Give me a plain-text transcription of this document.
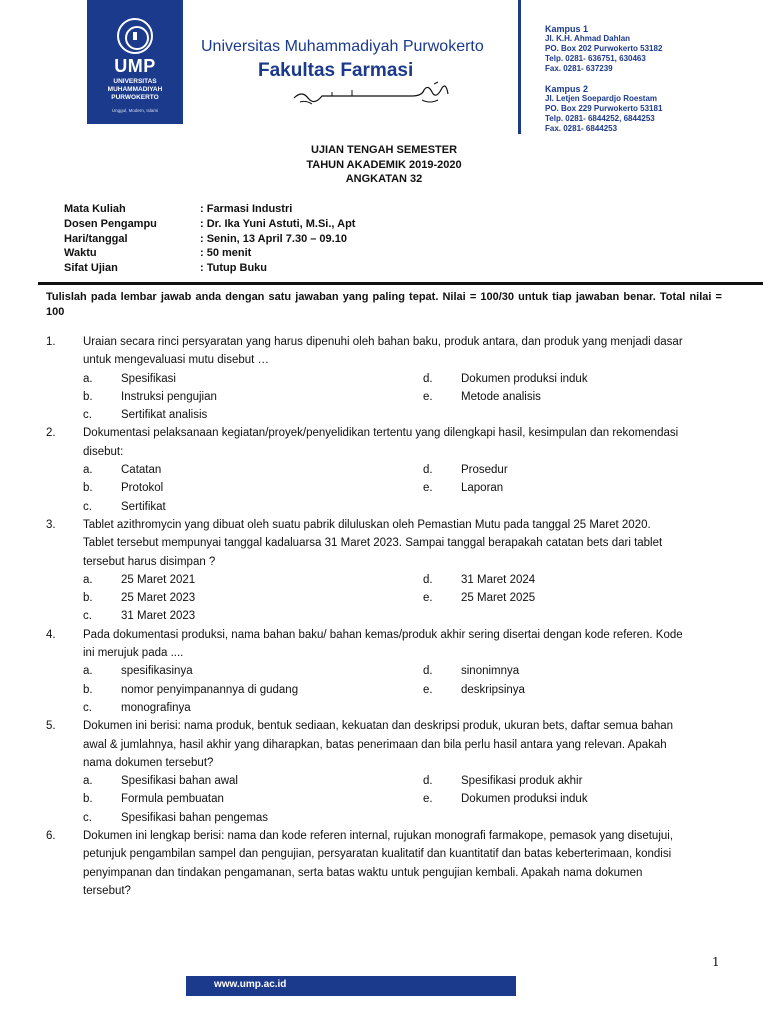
UMP
UNIVERSITAS MUHAMMADIYAH PURWOKERTO
Unggul, Modern, Islami
Universitas Muhammadiyah Purwokerto
Fakultas Farmasi
Kampus 1
Jl. K.H. Ahmad Dahlan
PO. Box 202 Purwokerto 53182
Telp. 0281- 636751, 630463
Fax. 0281- 637239
Kampus 2
Jl. Letjen Soepardjo Roestam
PO. Box 229 Purwokerto 53181
Telp. 0281- 6844252, 6844253
Fax. 0281- 6844253
UJIAN TENGAH SEMESTER
TAHUN AKADEMIK 2019-2020
ANGKATAN 32
Mata Kuliah	: Farmasi Industri
Dosen Pengampu	: Dr. Ika Yuni Astuti, M.Si., Apt
Hari/tanggal	: Senin, 13 April 7.30 – 09.10
Waktu	: 50 menit
Sifat Ujian	: Tutup Buku
Tulislah pada lembar jawab anda dengan satu jawaban yang paling tepat. Nilai = 100/30 untuk tiap jawaban benar. Total nilai = 100
1.	Uraian secara rinci persyaratan yang harus dipenuhi oleh bahan baku, produk antara, dan produk yang menjadi dasar untuk mengevaluasi mutu disebut …
a.	Spesifikasi	d.	Dokumen produksi induk
b.	Instruksi pengujian	e.	Metode analisis
c.	Sertifikat analisis
2.	Dokumentasi pelaksanaan kegiatan/proyek/penyelidikan tertentu yang dilengkapi hasil, kesimpulan dan rekomendasi disebut:
a.	Catatan	d.	Prosedur
b.	Protokol	e.	Laporan
c.	Sertifikat
3.	Tablet azithromycin yang dibuat oleh suatu pabrik diluluskan oleh Pemastian Mutu pada tanggal 25 Maret 2020. Tablet tersebut mempunyai tanggal kadaluarsa 31 Maret 2023. Sampai tanggal berapakah catatan bets dari tablet tersebut harus disimpan ?
a.	25 Maret 2021	d.	31 Maret 2024
b.	25 Maret 2023	e.	25 Maret 2025
c.	31 Maret 2023
4.	Pada dokumentasi produksi, nama bahan baku/ bahan kemas/produk akhir sering disertai dengan kode referen. Kode ini merujuk pada ....
a.	spesifikasinya	d.	sinonimnya
b.	nomor penyimpanannya di gudang	e.	deskripsinya
c.	monografinya
5.	Dokumen ini berisi: nama produk, bentuk sediaan, kekuatan dan deskripsi produk, ukuran bets, daftar semua bahan awal & jumlahnya, hasil akhir yang diharapkan, batas penerimaan dan bila perlu hasil antara yang relevan. Apakah nama dokumen tersebut?
a.	Spesifikasi bahan awal	d.	Spesifikasi produk akhir
b.	Formula pembuatan	e.	Dokumen produksi induk
c.	Spesifikasi bahan pengemas
6.	Dokumen ini lengkap berisi: nama dan kode referen internal, rujukan monografi farmakope, pemasok yang disetujui, petunjuk pengambilan sampel dan pengujian, persyaratan kualitatif dan kuantitatif dan batas keberterimaan, kondisi penyimpanan dan tindakan pengamanan, serta batas waktu untuk pengujian kembali. Apakah nama dokumen tersebut?
1
www.ump.ac.id
